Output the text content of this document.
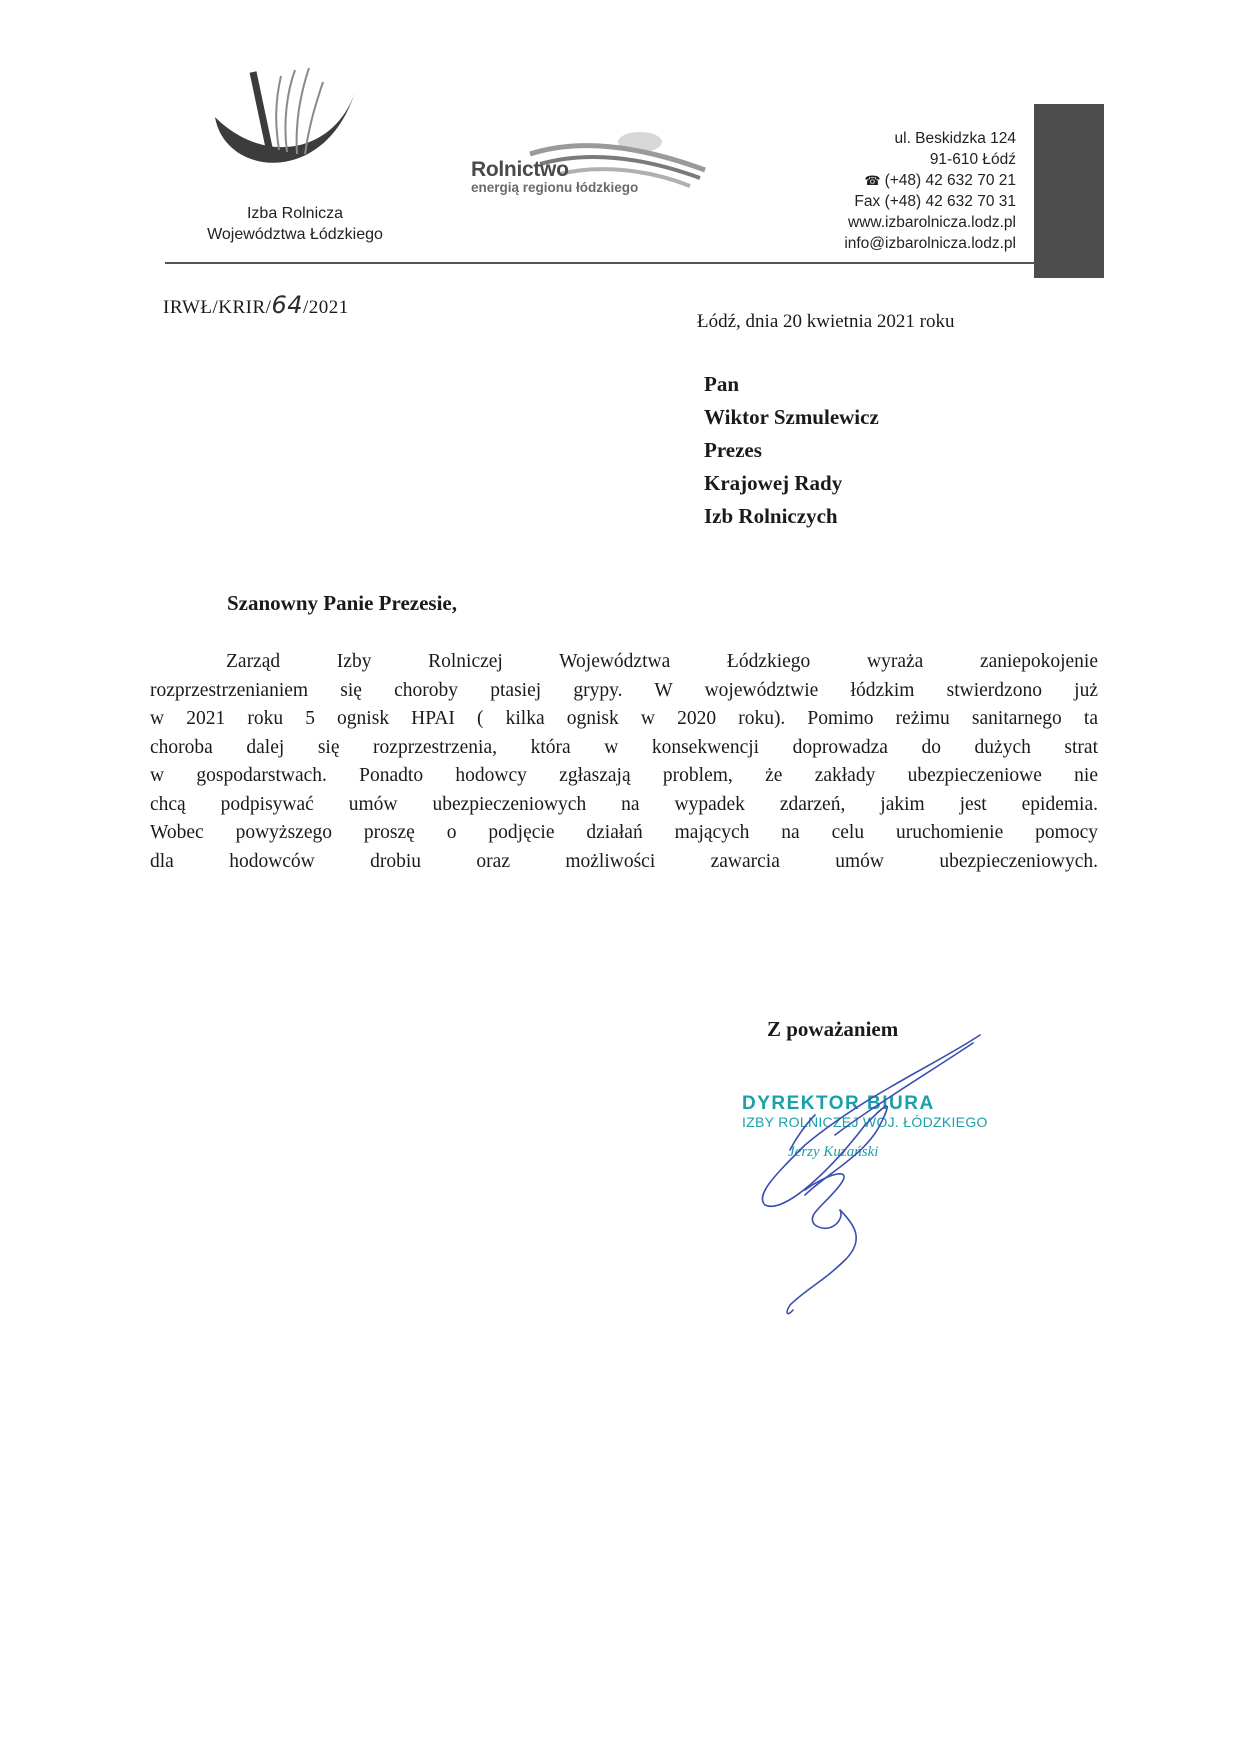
Izba Rolnicza
Województwa Łódzkiego
Rolnictwo
energią regionu łódzkiego
ul. Beskidzka 124
91-610 Łódź
☎ (+48) 42 632 70 21
Fax (+48) 42 632 70 31
www.izbarolnicza.lodz.pl
info@izbarolnicza.lodz.pl
IRWŁ/KRIR/64/2021
Łódź, dnia 20 kwietnia 2021 roku
Pan
Wiktor Szmulewicz
Prezes
Krajowej Rady
Izb Rolniczych
Szanowny Panie Prezesie,
Zarząd Izby Rolniczej Województwa Łódzkiego wyraża zaniepokojenie
rozprzestrzenianiem się choroby ptasiej grypy. W województwie łódzkim stwierdzono już
w 2021 roku 5 ognisk HPAI ( kilka ognisk w 2020 roku). Pomimo reżimu sanitarnego ta
choroba dalej się rozprzestrzenia, która w konsekwencji doprowadza do dużych strat
w gospodarstwach. Ponadto hodowcy zgłaszają problem, że zakłady ubezpieczeniowe nie
chcą podpisywać umów ubezpieczeniowych na wypadek zdarzeń, jakim jest epidemia.
Wobec powyższego proszę o podjęcie działań mających na celu uruchomienie pomocy
dla hodowców drobiu oraz możliwości zawarcia umów ubezpieczeniowych.
Z poważaniem
DYREKTOR BIURA
IZBY ROLNICZEJ WOJ. ŁÓDZKIEGO
Jerzy Kuzański
